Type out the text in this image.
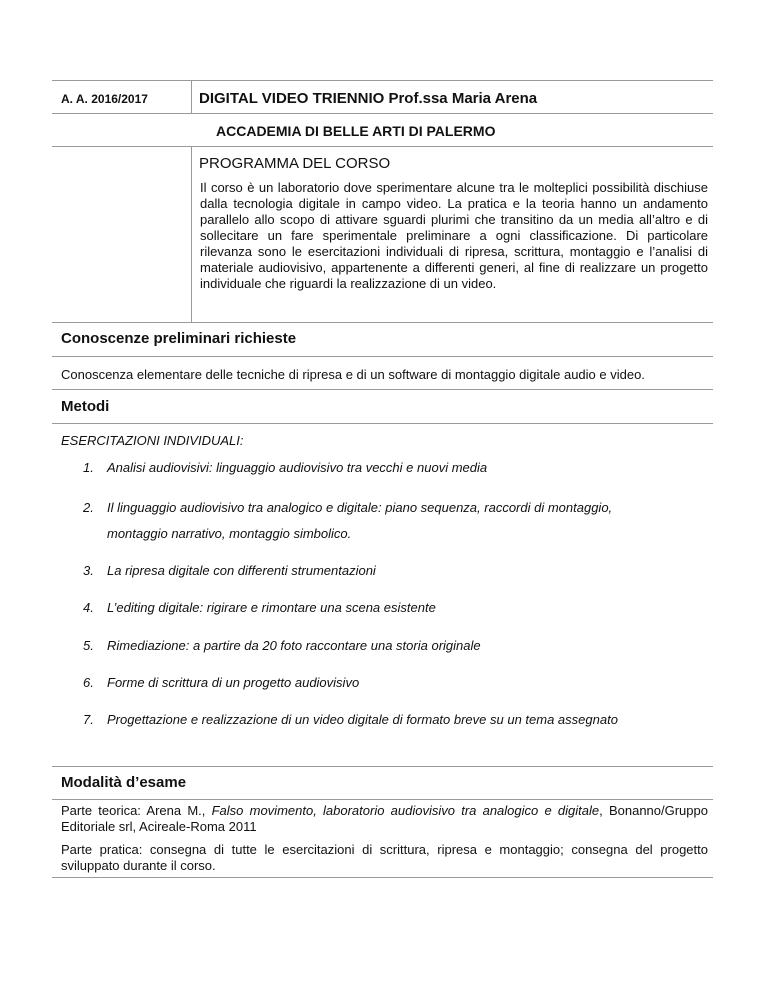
A. A. 2016/2017	DIGITAL VIDEO TRIENNIO Prof.ssa Maria Arena
ACCADEMIA DI BELLE ARTI DI PALERMO
PROGRAMMA DEL CORSO
Il corso è un laboratorio dove sperimentare alcune tra le molteplici possibilità dischiuse dalla tecnologia digitale in campo video. La pratica e la teoria hanno un andamento parallelo allo scopo di attivare sguardi plurimi che transitino da un media all’altro e di sollecitare un fare sperimentale preliminare a ogni classificazione. Di particolare rilevanza sono le esercitazioni individuali di ripresa, scrittura, montaggio e l’analisi di materiale audiovisivo, appartenente a differenti generi, al fine di realizzare un progetto individuale che riguardi la realizzazione di un video.
Conoscenze preliminari richieste
Conoscenza elementare delle tecniche di ripresa e di un software di montaggio digitale audio e video.
Metodi
ESERCITAZIONI INDIVIDUALI:
1. Analisi audiovisivi: linguaggio audiovisivo tra vecchi e nuovi media
2. Il linguaggio audiovisivo tra analogico e digitale: piano sequenza, raccordi di montaggio,
montaggio narrativo, montaggio simbolico.
3. La ripresa digitale con differenti strumentazioni
4. L’editing digitale: rigirare e rimontare una scena esistente
5. Rimediazione: a partire da 20 foto raccontare una storia originale
6. Forme di scrittura di un progetto audiovisivo
7. Progettazione e realizzazione di un video digitale di formato breve su un tema assegnato
Modalità d’esame
Parte teorica: Arena M., Falso movimento, laboratorio audiovisivo tra analogico e digitale, Bonanno/Gruppo Editoriale srl, Acireale-Roma 2011
Parte pratica: consegna di tutte le esercitazioni di scrittura, ripresa e montaggio; consegna del progetto sviluppato durante il corso.
